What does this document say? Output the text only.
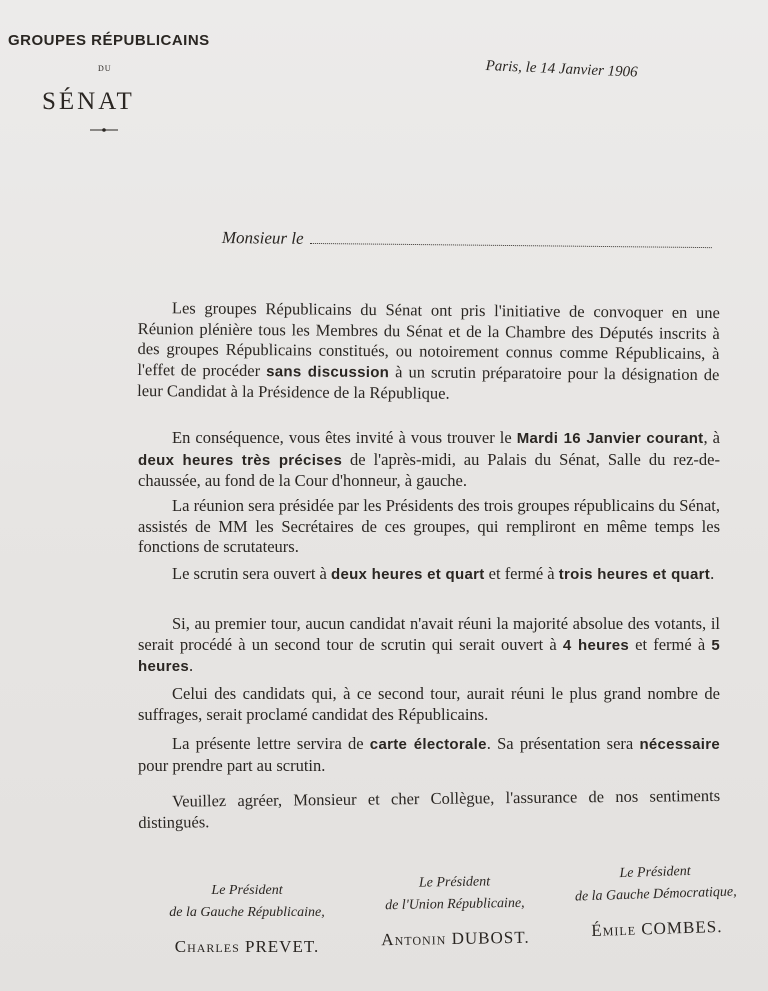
GROUPES RÉPUBLICAINS
DU
SÉNAT
Paris, le 14 Janvier 1906
Monsieur le
Les groupes Républicains du Sénat ont pris l'initiative de convoquer en une Réunion plénière tous les Membres du Sénat et de la Chambre des Députés inscrits à des groupes Républicains constitués, ou notoirement connus comme Républicains, à l'effet de procéder sans discussion à un scrutin préparatoire pour la désignation de leur Candidat à la Présidence de la République.
En conséquence, vous êtes invité à vous trouver le Mardi 16 Janvier courant, à deux heures très précises de l'après-midi, au Palais du Sénat, Salle du rez-de-chaussée, au fond de la Cour d'honneur, à gauche.
La réunion sera présidée par les Présidents des trois groupes républicains du Sénat, assistés de MM les Secrétaires de ces groupes, qui rempliront en même temps les fonctions de scrutateurs.
Le scrutin sera ouvert à deux heures et quart et fermé à trois heures et quart.
Si, au premier tour, aucun candidat n'avait réuni la majorité absolue des votants, il serait procédé à un second tour de scrutin qui serait ouvert à 4 heures et fermé à 5 heures.
Celui des candidats qui, à ce second tour, aurait réuni le plus grand nombre de suffrages, serait proclamé candidat des Républicains.
La présente lettre servira de carte électorale. Sa présentation sera nécessaire pour prendre part au scrutin.
Veuillez agréer, Monsieur et cher Collègue, l'assurance de nos sentiments distingués.
Le Président
de la Gauche Républicaine,
Charles PREVET.
Le Président
de l'Union Républicaine,
Antonin DUBOST.
Le Président
de la Gauche Démocratique,
Émile COMBES.
